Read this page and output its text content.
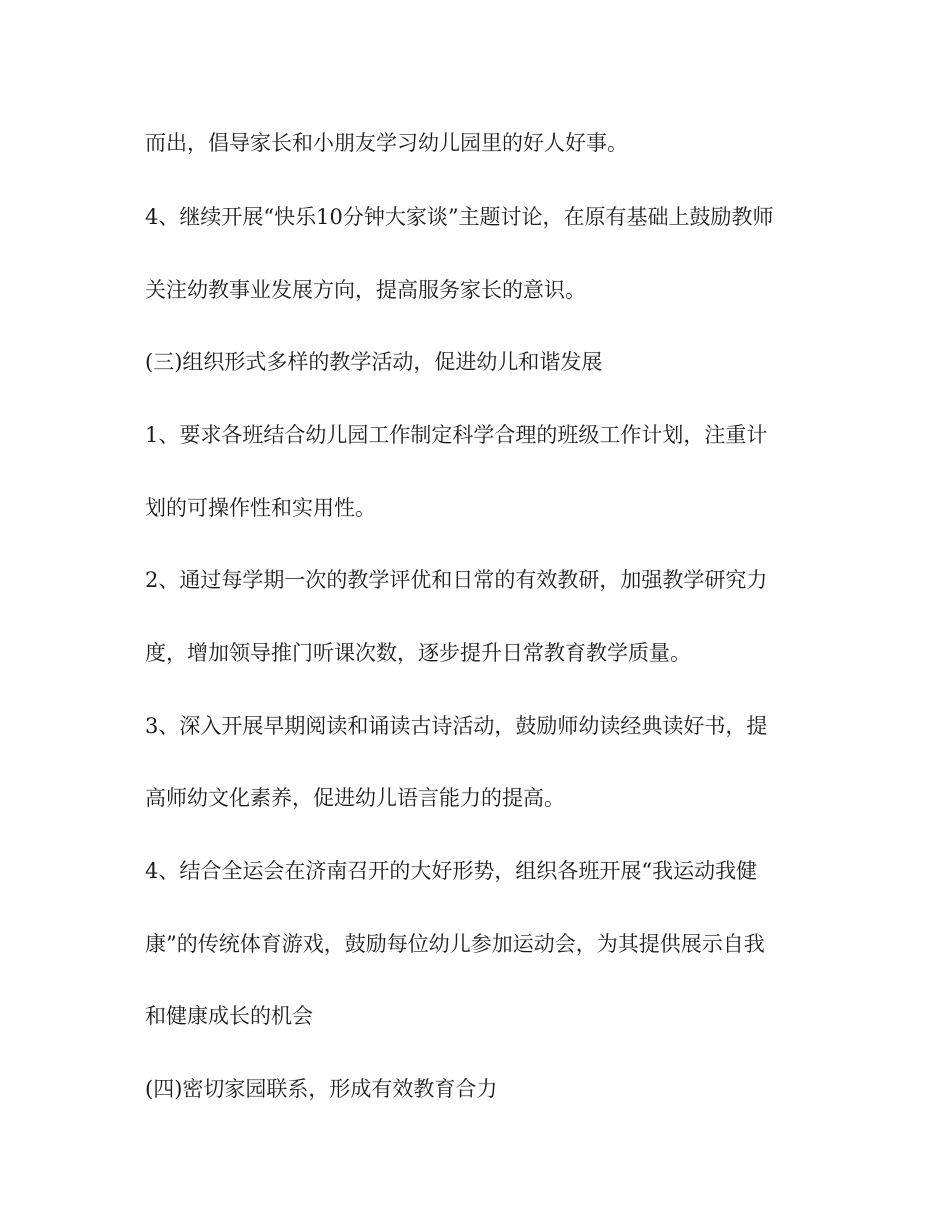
而出，倡导家长和小朋友学习幼儿园里的好人好事。

4、继续开展“快乐10分钟大家谈”主题讨论，在原有基础上鼓励教师

关注幼教事业发展方向，提高服务家长的意识。

(三)组织形式多样的教学活动，促进幼儿和谐发展

1、要求各班结合幼儿园工作制定科学合理的班级工作计划，注重计

划的可操作性和实用性。

2、通过每学期一次的教学评优和日常的有效教研，加强教学研究力

度，增加领导推门听课次数，逐步提升日常教育教学质量。

3、深入开展早期阅读和诵读古诗活动，鼓励师幼读经典读好书，提

高师幼文化素养，促进幼儿语言能力的提高。

4、结合全运会在济南召开的大好形势，组织各班开展“我运动我健

康”的传统体育游戏，鼓励每位幼儿参加运动会，为其提供展示自我

和健康成长的机会

(四)密切家园联系，形成有效教育合力
